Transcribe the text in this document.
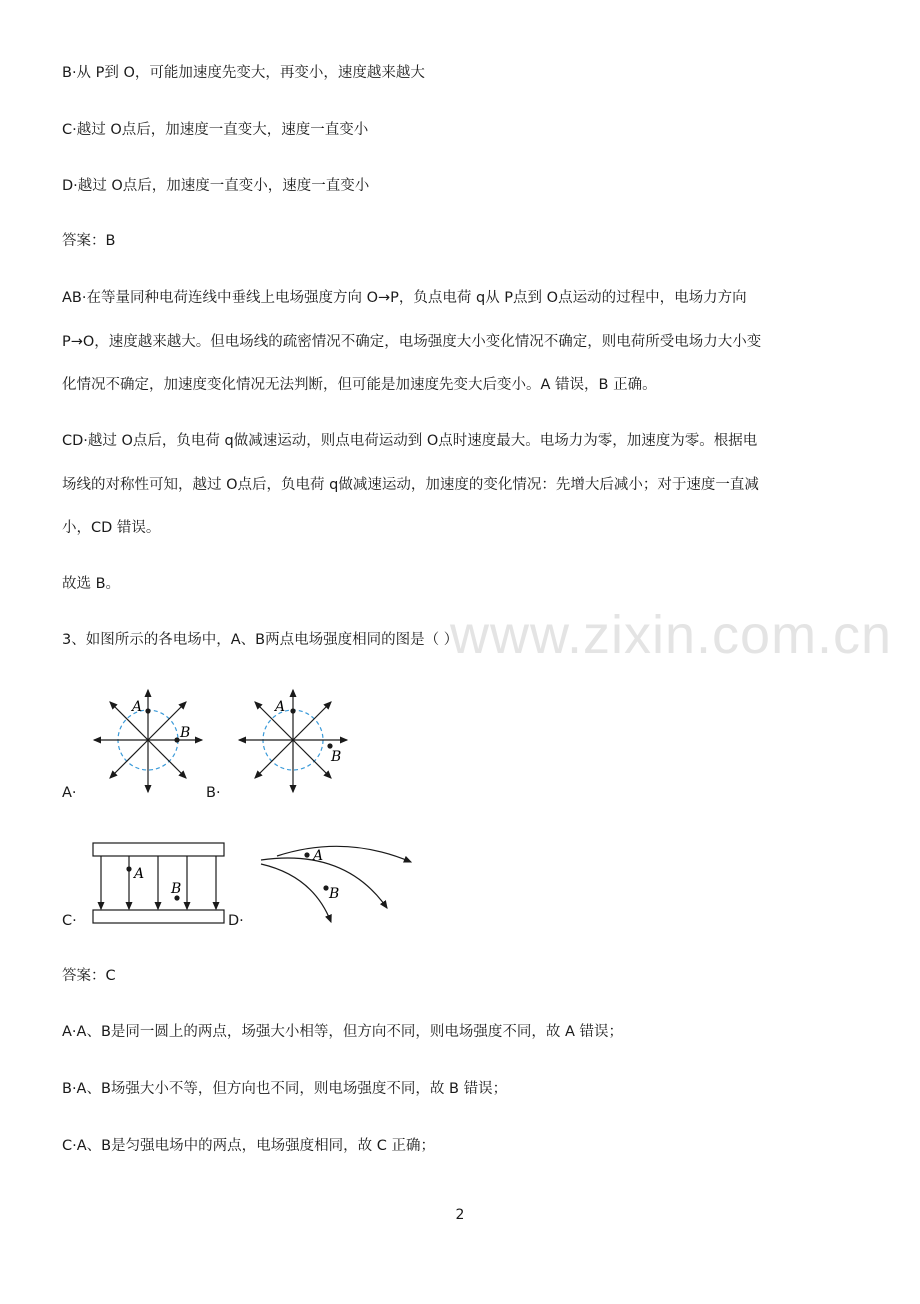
www.zixin.com.cn
B·从 P到 O，可能加速度先变大，再变小，速度越来越大
C·越过 O点后，加速度一直变大，速度一直变小
D·越过 O点后，加速度一直变小，速度一直变小
答案：B
AB·在等量同种电荷连线中垂线上电场强度方向 O→P，负点电荷 q从 P点到 O点运动的过程中，电场力方向
P→O，速度越来越大。但电场线的疏密情况不确定，电场强度大小变化情况不确定，则电荷所受电场力大小变
化情况不确定，加速度变化情况无法判断，但可能是加速度先变大后变小。A 错误，B 正确。
CD·越过 O点后，负电荷 q做减速运动，则点电荷运动到 O点时速度最大。电场力为零，加速度为零。根据电
场线的对称性可知，越过 O点后，负电荷 q做减速运动，加速度的变化情况：先增大后减小；对于速度一直减
小，CD 错误。
故选 B。
3、如图所示的各电场中，A、B两点电场强度相同的图是（ ）
A
B
A·
A
B
B·
A
B
C·	D·
A
B
答案：C
A·A、B是同一圆上的两点，场强大小相等，但方向不同，则电场强度不同，故 A 错误；
B·A、B场强大小不等，但方向也不同，则电场强度不同，故 B 错误；
C·A、B是匀强电场中的两点，电场强度相同，故 C 正确；
2
